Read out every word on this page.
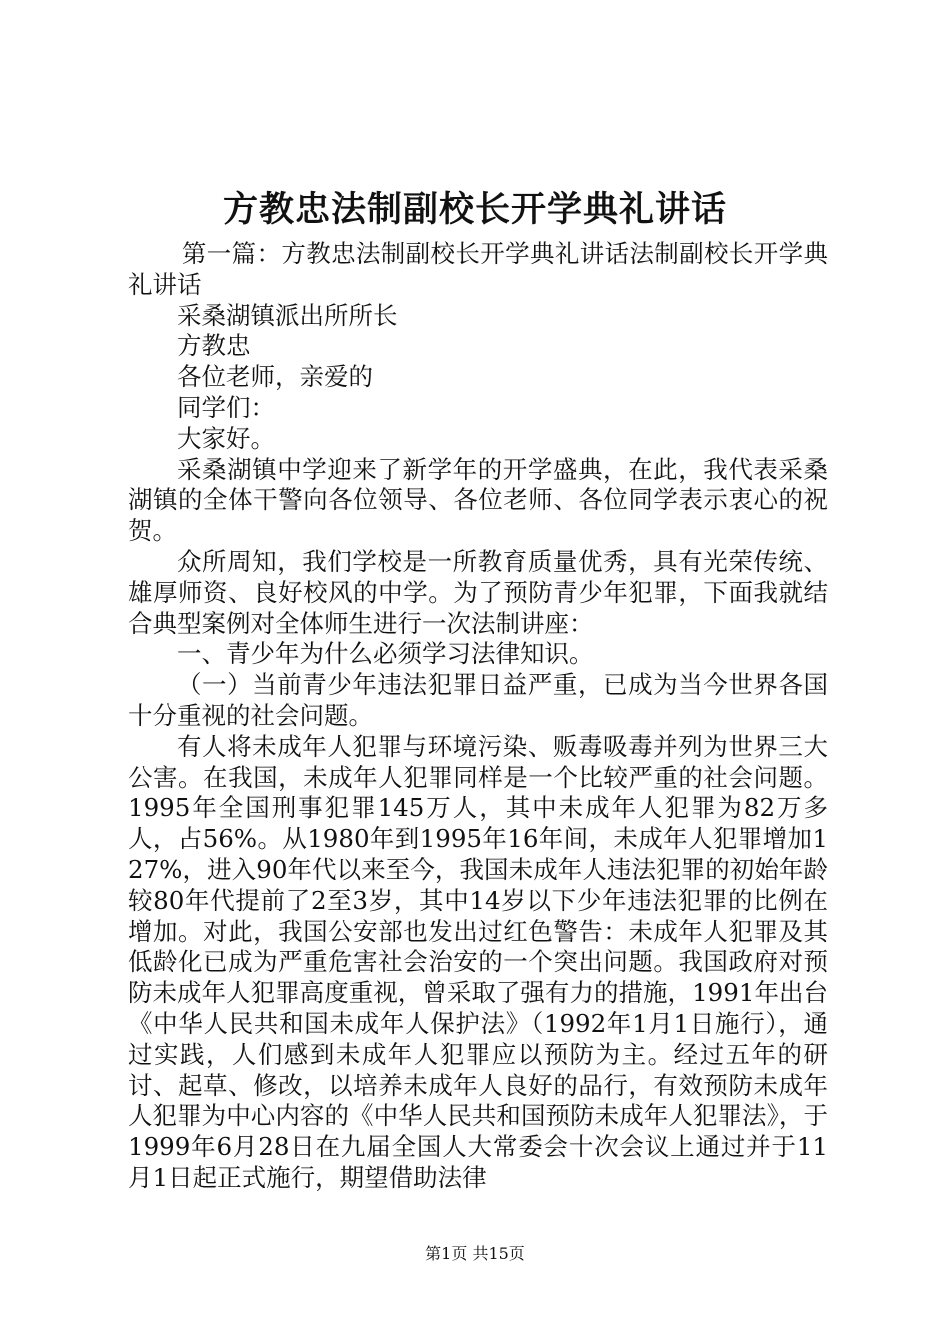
方教忠法制副校长开学典礼讲话

第一篇：方教忠法制副校长开学典礼讲话法制副校长开学典礼讲话

采桑湖镇派出所所长

方教忠

各位老师，亲爱的

同学们：

大家好。

采桑湖镇中学迎来了新学年的开学盛典，在此，我代表采桑湖镇的全体干警向各位领导、各位老师、各位同学表示衷心的祝贺。

众所周知，我们学校是一所教育质量优秀，具有光荣传统、雄厚师资、良好校风的中学。为了预防青少年犯罪，下面我就结合典型案例对全体师生进行一次法制讲座：

一、青少年为什么必须学习法律知识。

（一）当前青少年违法犯罪日益严重，已成为当今世界各国十分重视的社会问题。

有人将未成年人犯罪与环境污染、贩毒吸毒并列为世界三大公害。在我国，未成年人犯罪同样是一个比较严重的社会问题。1995年全国刑事犯罪145万人，其中未成年人犯罪为82万多人，占56%。从1980年到1995年16年间，未成年人犯罪增加127%，进入90年代以来至今，我国未成年人违法犯罪的初始年龄较80年代提前了2至3岁，其中14岁以下少年违法犯罪的比例在增加。对此，我国公安部也发出过红色警告：未成年人犯罪及其低龄化已成为严重危害社会治安的一个突出问题。我国政府对预防未成年人犯罪高度重视，曾采取了强有力的措施，1991年出台《中华人民共和国未成年人保护法》（1992年1月1日施行），通过实践，人们感到未成年人犯罪应以预防为主。经过五年的研讨、起草、修改，以培养未成年人良好的品行，有效预防未成年人犯罪为中心内容的《中华人民共和国预防未成年人犯罪法》，于1999年6月28日在九届全国人大常委会十次会议上通过并于11月1日起正式施行，期望借助法律

第1页 共15页
